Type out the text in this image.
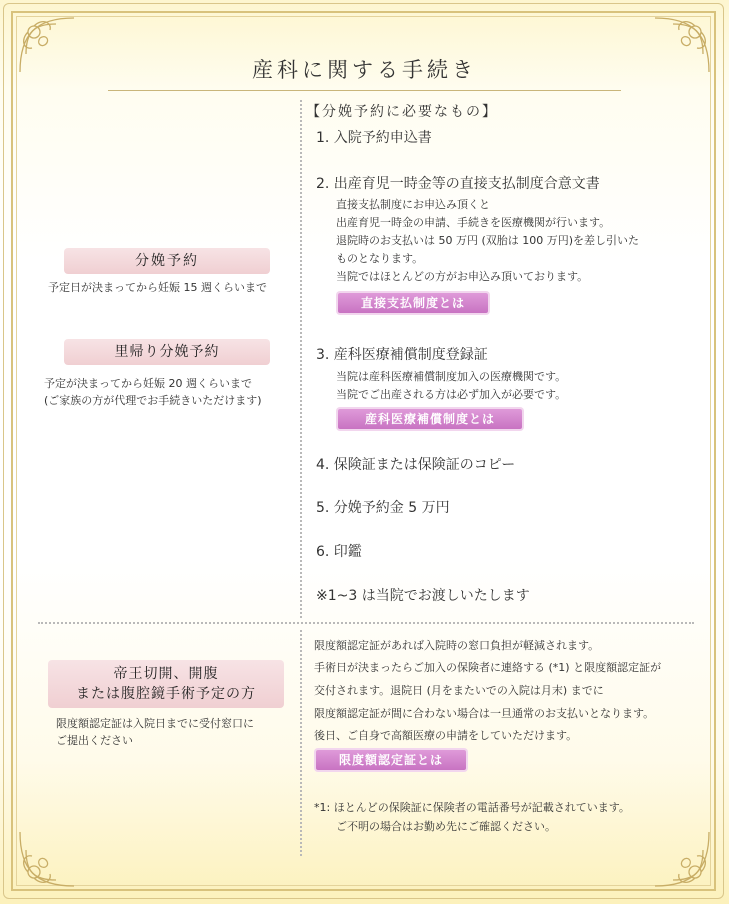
産科に関する手続き
分娩予約
予定日が決まってから妊娠 15 週くらいまで
里帰り分娩予約
予定が決まってから妊娠 20 週くらいまで
(ご家族の方が代理でお手続きいただけます)
帝王切開、開腹
または腹腔鏡手術予定の方
限度額認定証は入院日までに受付窓口に
ご提出ください
【分娩予約に必要なもの】
1. 入院予約申込書
2. 出産育児一時金等の直接支払制度合意文書
直接支払制度にお申込み頂くと
出産育児一時金の申請、手続きを医療機関が行います。
退院時のお支払いは 50 万円 (双胎は 100 万円)を差し引いた
ものとなります。
当院ではほとんどの方がお申込み頂いております。
直接支払制度とは
3. 産科医療補償制度登録証
当院は産科医療補償制度加入の医療機関です。
当院でご出産される方は必ず加入が必要です。
産科医療補償制度とは
4. 保険証または保険証のコピー
5. 分娩予約金 5 万円
6. 印鑑
※1~3 は当院でお渡しいたします
限度額認定証があれば入院時の窓口負担が軽減されます。
手術日が決まったらご加入の保険者に連絡する (*1) と限度額認定証が
交付されます。退院日 (月をまたいでの入院は月末) までに
限度額認定証が間に合わない場合は一旦通常のお支払いとなります。
後日、ご自身で高額医療の申請をしていただけます。
限度額認定証とは
*1: ほとんどの保険証に保険者の電話番号が記載されています。
ご不明の場合はお勤め先にご確認ください。
